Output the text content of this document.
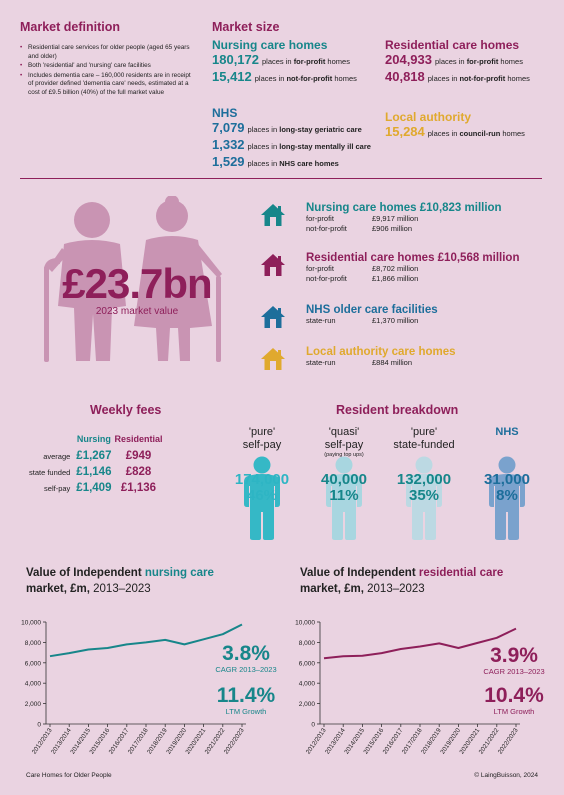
Market definition
• Residential care services for older people (aged 65 years and older)
• Both 'residential' and 'nursing' care facilities
• Includes dementia care – 160,000 residents are in receipt of provider defined 'dementia care' needs, estimated at a cost of £9.5 billion (40%) of the full market value
Market size
Nursing care homes
180,172 places in for-profit homes
15,412 places in not-for-profit homes
Residential care homes
204,933 places in for-profit homes
40,818 places in not-for-profit homes
NHS
7,079 places in long-stay geriatric care
1,332 places in long-stay mentally ill care
1,529 places in NHS care homes
Local authority
15,284 places in council-run homes
£23.7bn
2023 market value
Nursing care homes £10,823 million
for-profit	£9,917 million
not-for-profit	£906 million
Residential care homes £10,568 million
for-profit	£8,702 million
not-for-profit	£1,866 million
NHS older care facilities
state-run	£1,370 million
Local authority care homes
state-run	£884 million
Weekly fees
	Nursing	Residential
average	£1,267	£949
state funded	£1,146	£828
self-pay	£1,409	£1,136
Resident breakdown
'pure'
self-pay
174,000
46%
'quasi'
self-pay
(paying top ups)
40,000
11%
'pure'
state-funded
132,000
35%
NHS
31,000
8%
Value of Independent nursing care
market, £m, 2013–2023
Value of Independent residential care
market, £m, 2013–2023
0
2,000
4,000
6,000
8,000
10,000
2012/2013
2013/2014
2014/2015
2015/2016
2016/2017
2017/2018
2018/2019
2019/2020
2020/2021
2021/2022
2022/2023
0
2,000
4,000
6,000
8,000
10,000
2012/2013
2013/2014
2014/2015
2015/2016
2016/2017
2017/2018
2018/2019
2019/2020
2020/2021
2021/2022
2022/2023
3.8%
CAGR 2013–2023
11.4%
LTM Growth
3.9%
CAGR 2013–2023
10.4%
LTM Growth
Care Homes for Older People	© LaingBuisson, 2024
